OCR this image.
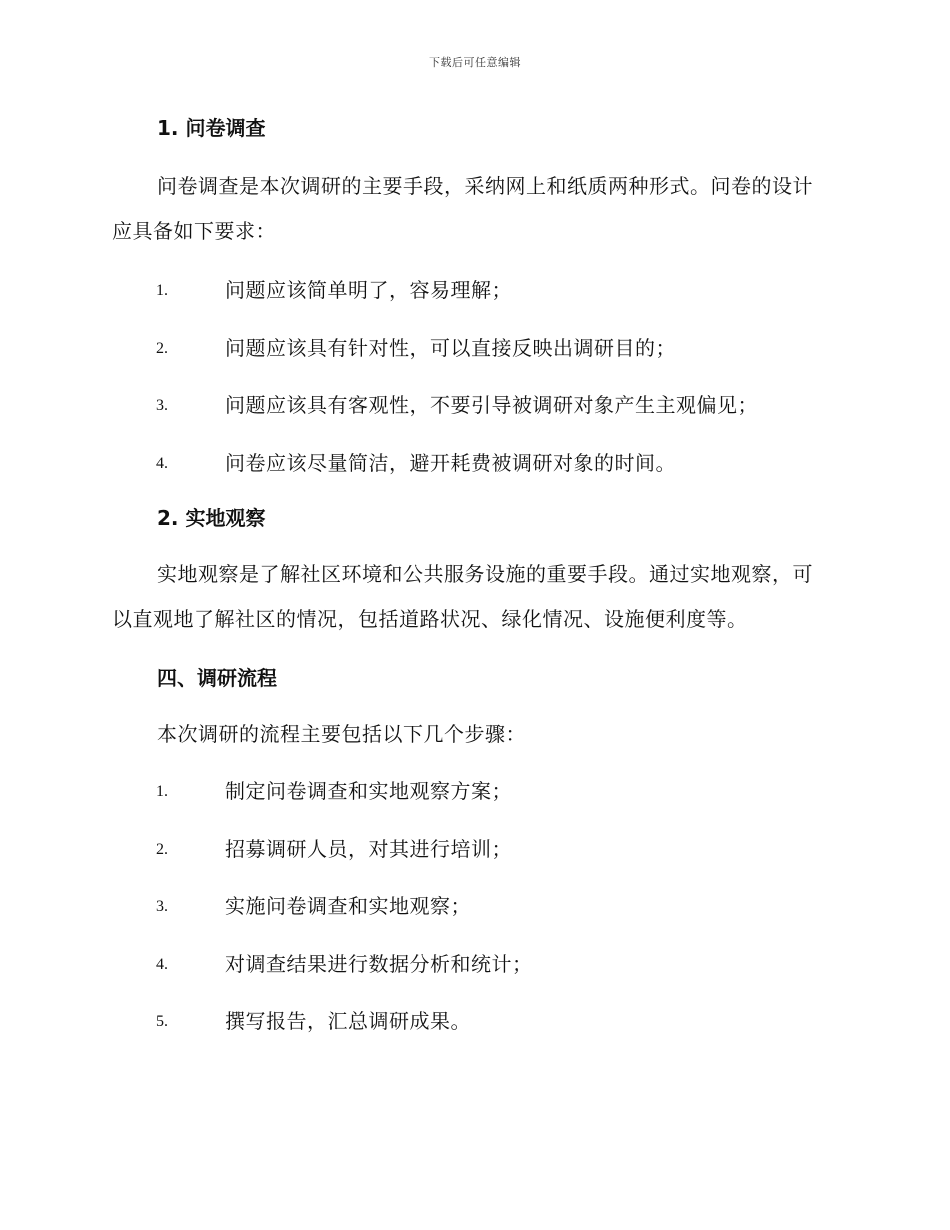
下载后可任意编辑
1. 问卷调查

问卷调查是本次调研的主要手段，采纳网上和纸质两种形式。问卷的设计应具备如下要求：

1.	问题应该简单明了，容易理解；
2.	问题应该具有针对性，可以直接反映出调研目的；
3.	问题应该具有客观性，不要引导被调研对象产生主观偏见；
4.	问卷应该尽量简洁，避开耗费被调研对象的时间。
2. 实地观察

实地观察是了解社区环境和公共服务设施的重要手段。通过实地观察，可以直观地了解社区的情况，包括道路状况、绿化情况、设施便利度等。

四、调研流程

本次调研的流程主要包括以下几个步骤：

1.	制定问卷调查和实地观察方案；
2.	招募调研人员，对其进行培训；
3.	实施问卷调查和实地观察；
4.	对调查结果进行数据分析和统计；
5.	撰写报告，汇总调研成果。
